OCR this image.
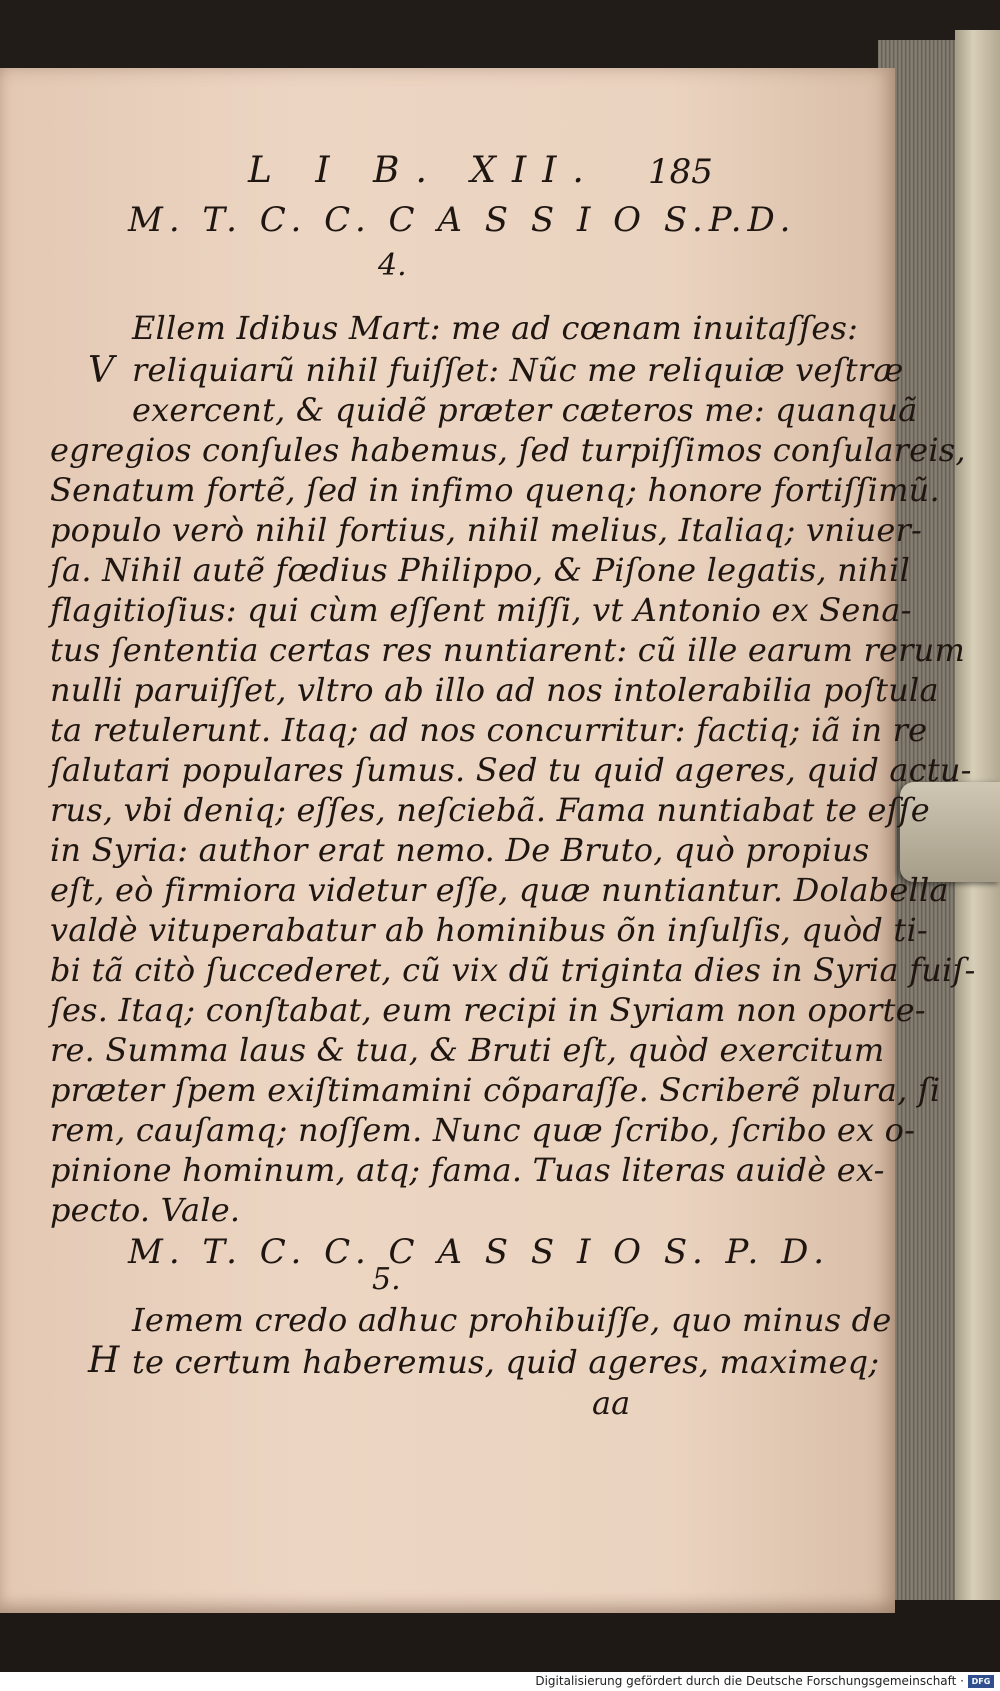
L I B. XII. 185
M. T. C. C. C A S S I O S.P.D.
4.
V
Ellem Idibus Mart: me ad cœnam inuitaſſes:
reliquiarũ nihil fuiſſet: Nũc me reliquiæ veſtræ
exercent, & quidẽ præter cæteros me: quanquã
egregios conſules habemus, ſed turpiſſimos conſulareis,
Senatum fortẽ, ſed in infimo quenq; honore fortiſſimũ.
populo verò nihil fortius, nihil melius, Italiaq; vniuer-
ſa. Nihil autẽ fœdius Philippo, & Piſone legatis, nihil
flagitioſius: qui cùm eſſent miſſi, vt Antonio ex Sena-
tus ſententia certas res nuntiarent: cũ ille earum rerum
nulli paruiſſet, vltro ab illo ad nos intolerabilia poſtula
ta retulerunt. Itaq; ad nos concurritur: factiq; iã in re
ſalutari populares ſumus. Sed tu quid ageres, quid actu-
rus, vbi deniq; eſſes, neſciebã. Fama nuntiabat te eſſe
in Syria: author erat nemo. De Bruto, quò propius
eſt, eò firmiora videtur eſſe, quæ nuntiantur. Dolabella
valdè vituperabatur ab hominibus õn inſulſis, quòd ti-
bi tã citò ſuccederet, cũ vix dũ triginta dies in Syria fuiſ-
ſes. Itaq; conſtabat, eum recipi in Syriam non oporte-
re. Summa laus & tua, & Bruti eſt, quòd exercitum
præter ſpem exiſtimamini cõparaſſe. Scriberẽ plura, ſi
rem, cauſamq; noſſem. Nunc quæ ſcribo, ſcribo ex o-
pinione hominum, atq; fama. Tuas literas auidè ex-
pecto. Vale.
M. T. C. C. C A S S I O S. P. D.
5.
H
Iemem credo adhuc prohibuiſſe, quo minus de
te certum haberemus, quid ageres, maximeq;
aa
Digitalisierung gefördert durch die Deutsche Forschungsgemeinschaft · DFG
